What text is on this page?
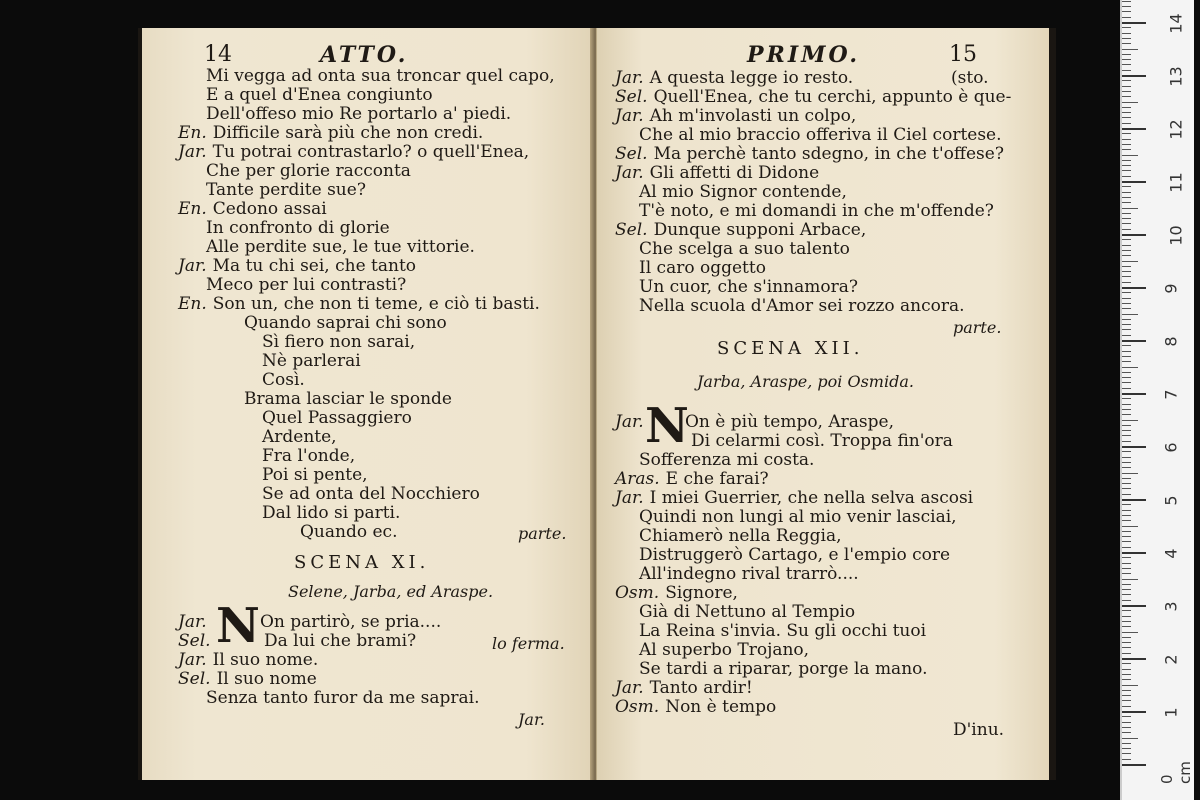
14	ATTO.
Mi vegga ad onta sua troncar quel capo,
E a quel d'Enea congiunto
Dell'offeso mio Re portarlo a' piedi.
En. Difficile sarà più che non credi.
Jar. Tu potrai contrastarlo? o quell'Enea,
Che per glorie racconta
Tante perdite sue?
En. Cedono assai
In confronto di glorie
Alle perdite sue, le tue vittorie.
Jar. Ma tu chi sei, che tanto
Meco per lui contrasti?
En. Son un, che non ti teme, e ciò ti basti.
Quando saprai chi sono
Sì fiero non sarai,
Nè parlerai
Così.
Brama lasciar le sponde
Quel Passaggiero
Ardente,
Fra l'onde,
Poi si pente,
Se ad onta del Nocchiero
Dal lido si parti.
Quando ec.	parte.
SCENA XI.
Selene, Jarba, ed Araspe.
N
Jar.	On partirò, se pria....
Sel.	Da lui che brami?	lo ferma.
Jar. Il suo nome.
Sel. Il suo nome
Senza tanto furor da me saprai.
Jar.
PRIMO.	15
Jar. A questa legge io resto.	(sto.
Sel. Quell'Enea, che tu cerchi, appunto è que-
Jar. Ah m'involasti un colpo,
Che al mio braccio offeriva il Ciel cortese.
Sel. Ma perchè tanto sdegno, in che t'offese?
Jar. Gli affetti di Didone
Al mio Signor contende,
T'è noto, e mi domandi in che m'offende?
Sel. Dunque supponi Arbace,
Che scelga a suo talento
Il caro oggetto
Un cuor, che s'innamora?
Nella scuola d'Amor sei rozzo ancora.
parte.
SCENA XII.
Jarba, Araspe, poi Osmida.
N
Jar.	On è più tempo, Araspe,
Di celarmi così. Troppa fin'ora
Sofferenza mi costa.
Aras. E che farai?
Jar. I miei Guerrier, che nella selva ascosi
Quindi non lungi al mio venir lasciai,
Chiamerò nella Reggia,
Distruggerò Cartago, e l'empio core
All'indegno rival trarrò....
Osm. Signore,
Già di Nettuno al Tempio
La Reina s'invia. Su gli occhi tuoi
Al superbo Trojano,
Se tardi a riparar, porge la mano.
Jar. Tanto ardir!
Osm. Non è tempo
D'inu.
0 cm
1
2
3
4
5
6
7
8
9
10
11
12
13
14
